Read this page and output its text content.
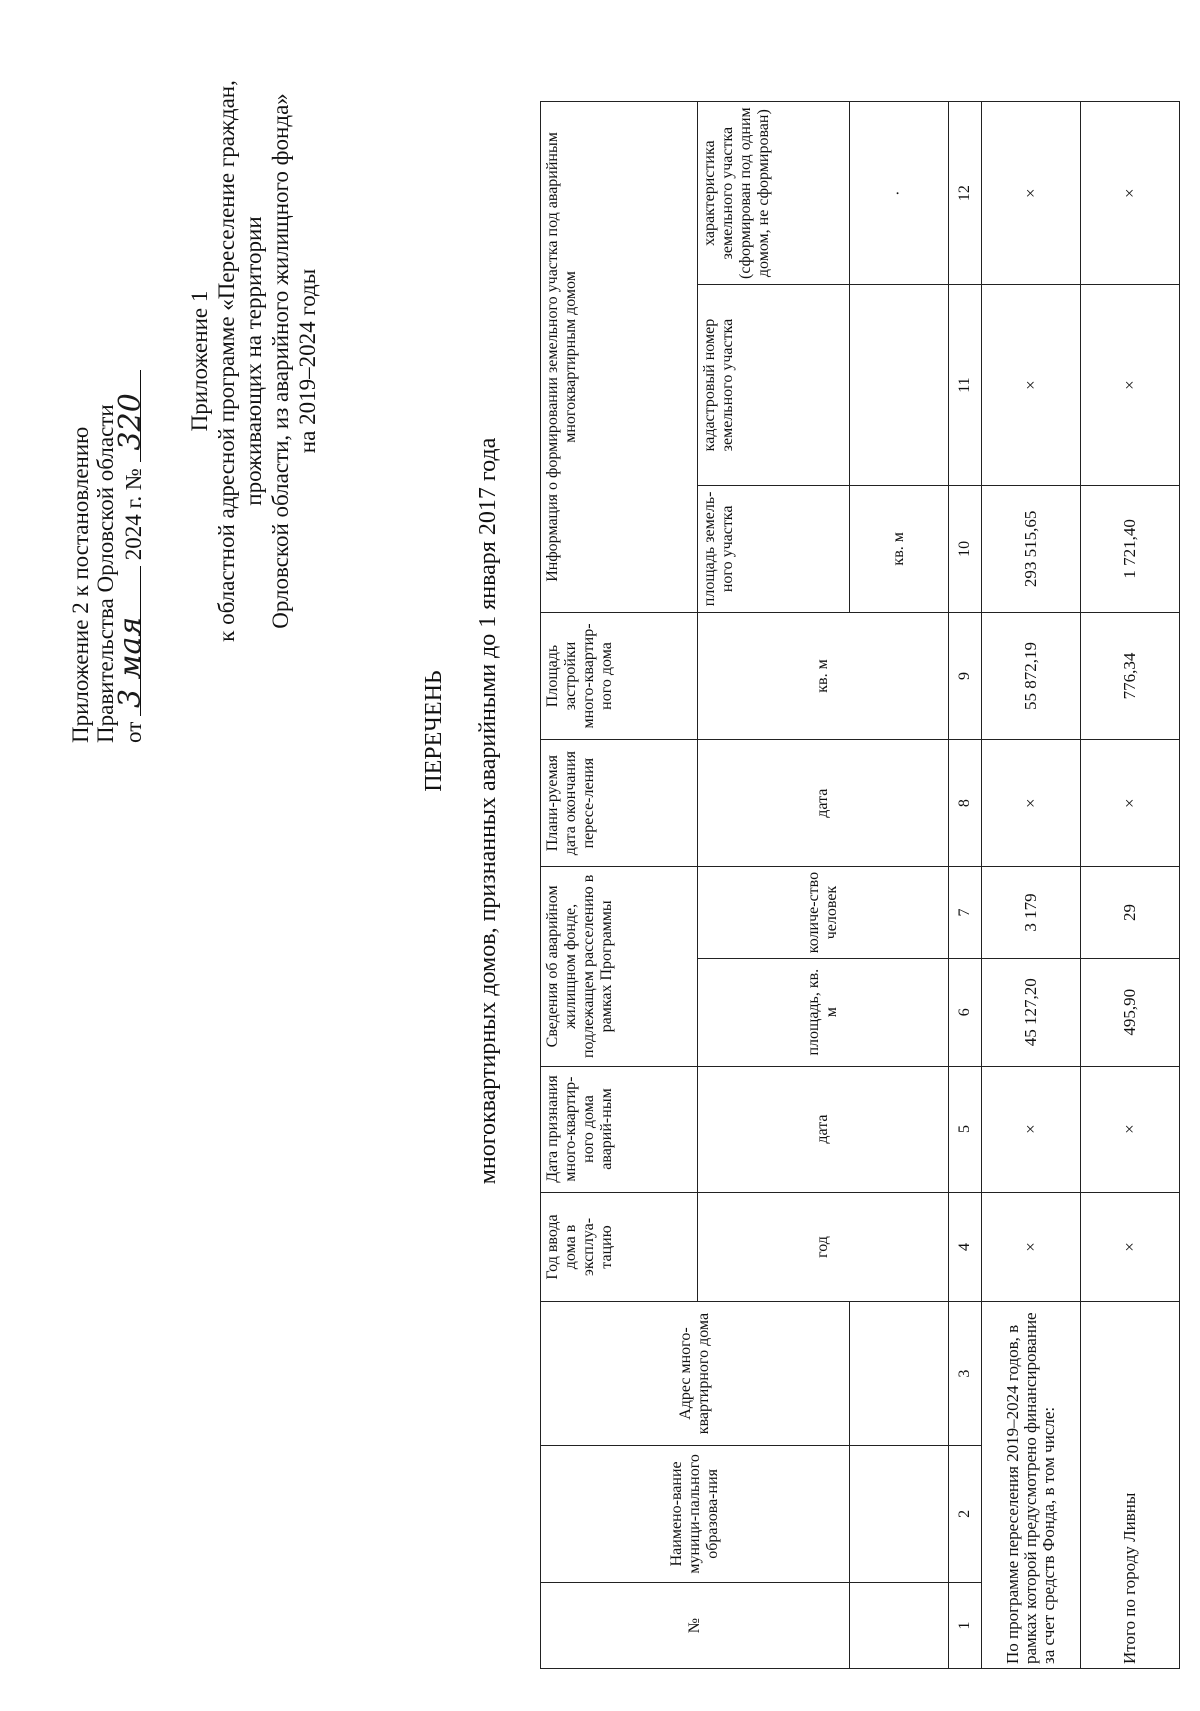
Приложение 2 к постановлению Правительства Орловской области от
3 мая
2024 г. №
320 Приложение 1 к областной адресной программе «Переселение граждан, проживающих на территории Орловской области, из аварийного жилищного фонда» на 2019–2024 годы
ПЕРЕЧЕНЬ многоквартирных домов, признанных аварийными до 1 января 2017 года
№	Наимено-вание муници-пального образова-ния	Адрес много-квартирного дома	Год ввода дома в эксплуа-тацию	Дата признания много-квартир-ного дома аварий-ным	Сведения об аварийном жилищном фонде, подлежащем расселению в рамках Программы		Плани-руемая дата окончания пересе-ления	Площадь застройки много-квартир-ного дома	Информация о формировании земельного участка под аварийным многоквартирным домом		
			год	дата	площадь, кв. м	количе-ство человек	дата	кв. м	площадь земель-ного участка	кадастровый номер земельного участка	характеристика земельного участка (сформирован под одним домом, не сформирован)
									кв. м		·
1	2	3	4	5	6	7	8	9	10	11	12
По программе переселения 2019–2024 годов, в рамках которой предусмотрено финансирование за счет средств Фонда, в том числе:			×	×	45 127,20	3 179	×	55 872,19	293 515,65	×	×
Итого по городу Ливны			×	×	495,90	29	×	776,34	1 721,40	×	×
